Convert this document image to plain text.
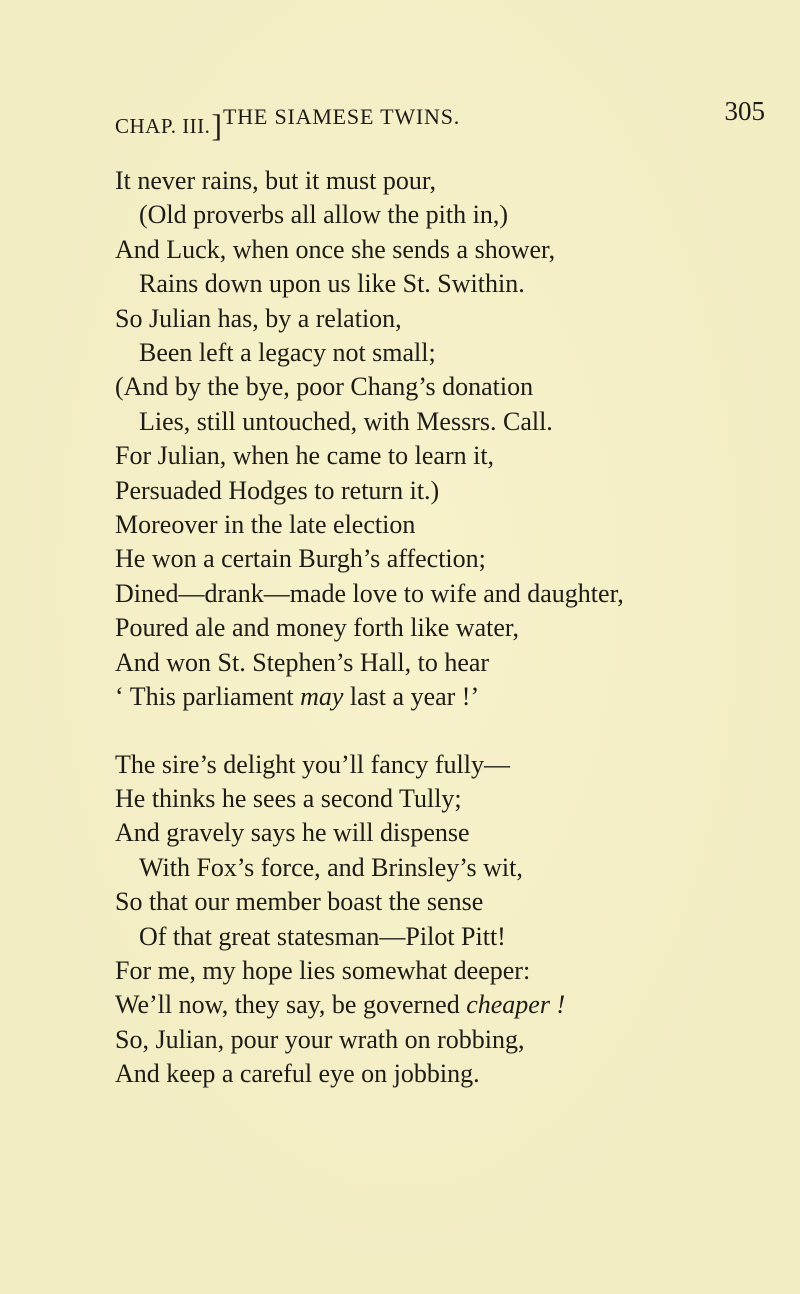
CHAP. III.] THE SIAMESE TWINS.	305
It never rains, but it must pour,
(Old proverbs all allow the pith in,)
And Luck, when once she sends a shower,
Rains down upon us like St. Swithin.
So Julian has, by a relation,
Been left a legacy not small;
(And by the bye, poor Chang’s donation
Lies, still untouched, with Messrs. Call.
For Julian, when he came to learn it,
Persuaded Hodges to return it.)
Moreover in the late election
He won a certain Burgh’s affection;
Dined—drank—made love to wife and daughter,
Poured ale and money forth like water,
And won St. Stephen’s Hall, to hear
‘ This parliament may last a year !’
The sire’s delight you’ll fancy fully—
He thinks he sees a second Tully;
And gravely says he will dispense
With Fox’s force, and Brinsley’s wit,
So that our member boast the sense
Of that great statesman—Pilot Pitt!
For me, my hope lies somewhat deeper:
We’ll now, they say, be governed cheaper !
So, Julian, pour your wrath on robbing,
And keep a careful eye on jobbing.
